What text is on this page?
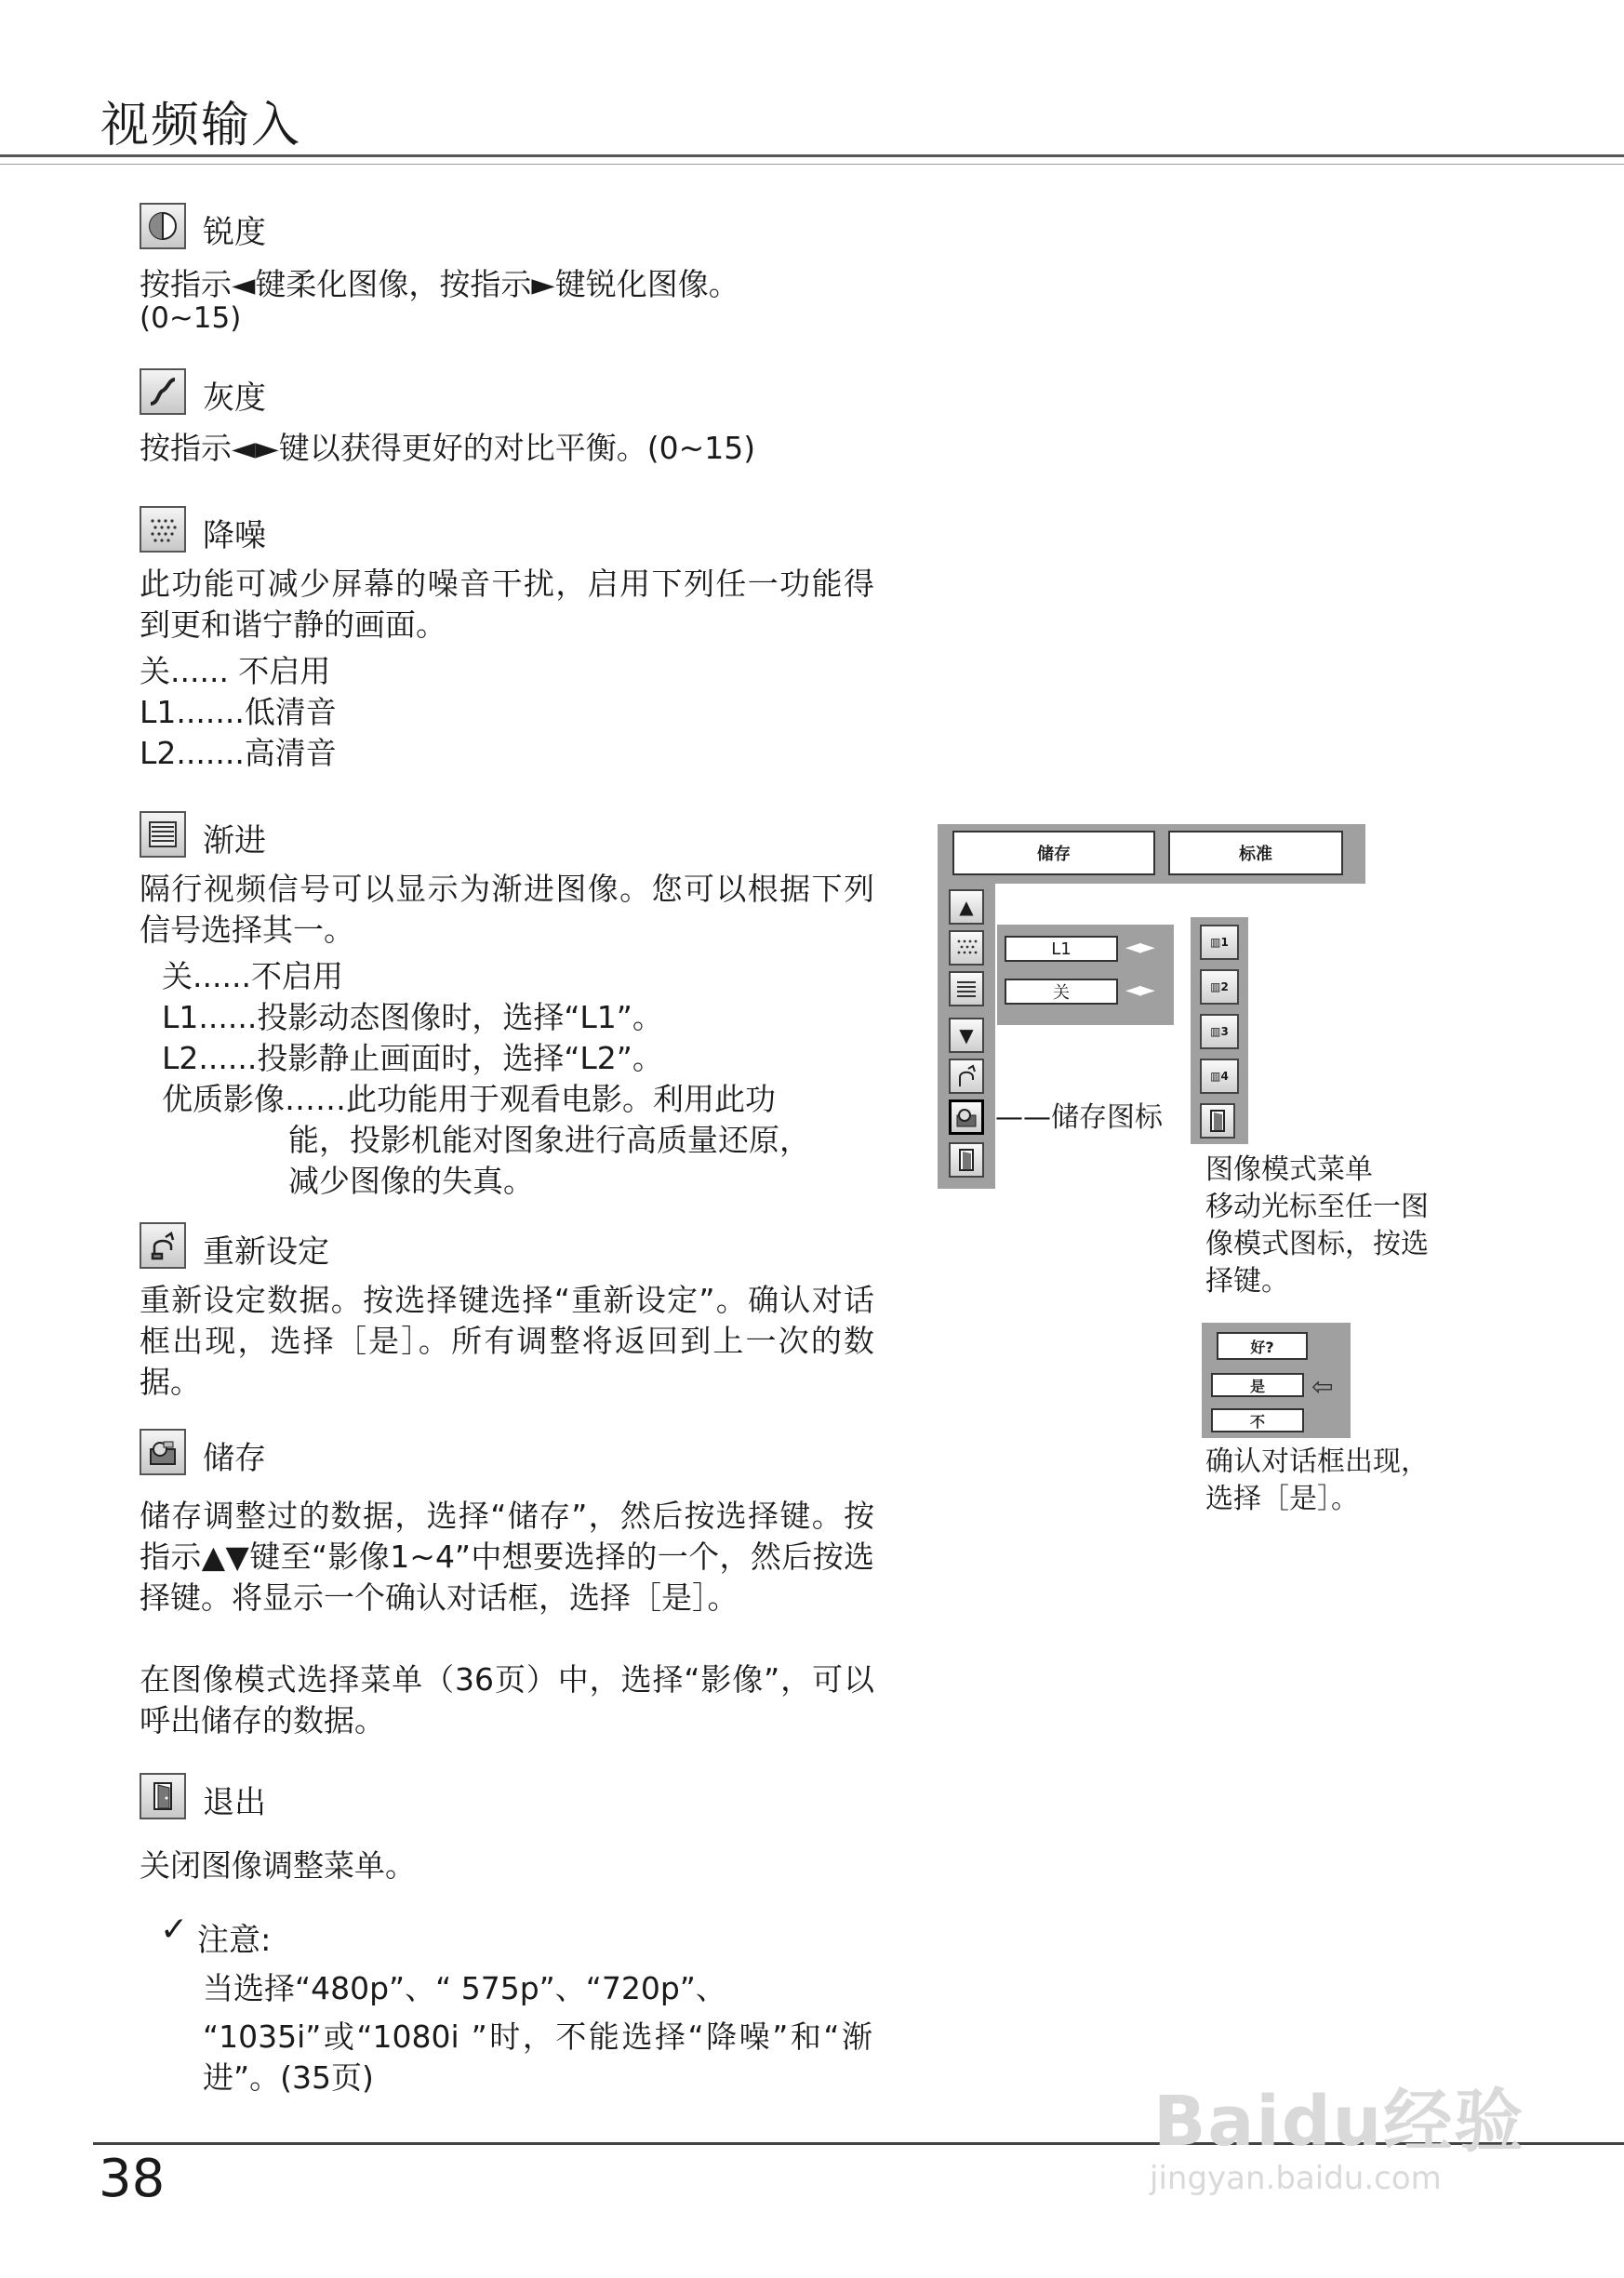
视频输入
锐度
按指示◄键柔化图像，按指示►键锐化图像。
(0~15)
灰度
按指示◄►键以获得更好的对比平衡。(0~15)
降噪
此功能可减少屏幕的噪音干扰，启用下列任一功能得到更和谐宁静的画面。
关...... 不启用
L1.......低清音
L2.......高清音
渐进
隔行视频信号可以显示为渐进图像。您可以根据下列信号选择其一。
关......不启用
L1......投影动态图像时，选择“L1”。
L2......投影静止画面时，选择“L2”。
优质影像……此功能用于观看电影。利用此功
能，投影机能对图象进行高质量还原，
减少图像的失真。
重新设定
重新设定数据。按选择键选择“重新设定”。确认对话框出现，选择［是］。所有调整将返回到上一次的数据。
储存
储存调整过的数据，选择“储存”，然后按选择键。按指示▲▼键至“影像1~4”中想要选择的一个，然后按选择键。将显示一个确认对话框，选择［是］。
在图像模式选择菜单（36页）中，选择“影像”，可以呼出储存的数据。
退出
关闭图像调整菜单。
✓ 注意:
当选择“480p”、“ 575p”、“720p”、
“1035i”或“1080i ”时，不能选择“降噪”和“渐进”。(35页)
38
储存	标准
▲
▼
L1	◄►
关	◄►
——储存图标
▥ 1
▥ 2
▥ 3
▥ 4
图像模式菜单
移动光标至任一图
像模式图标，按选
择键。
好?
是	⇦
不
确认对话框出现，
选择［是］。
Baidu经验
jingyan.baidu.com
